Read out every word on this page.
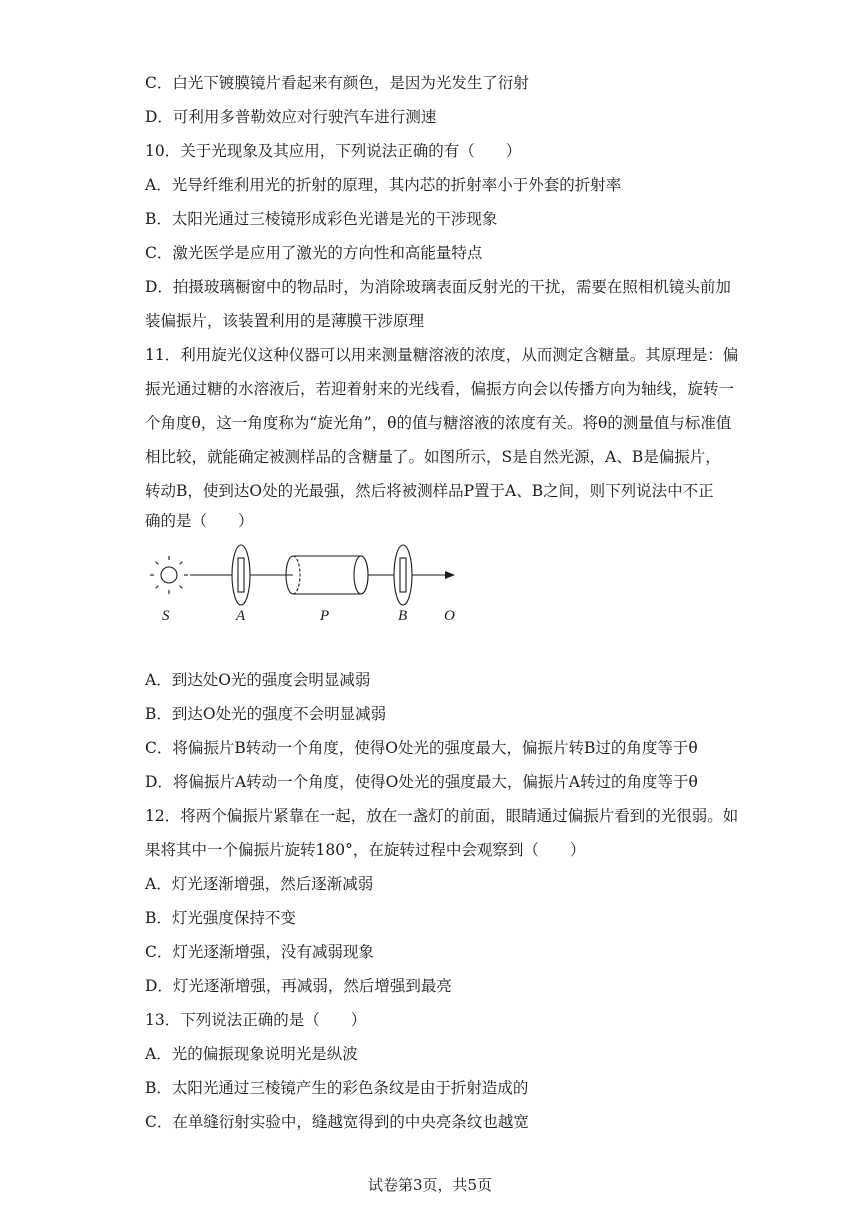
C．白光下镀膜镜片看起来有颜色，是因为光发生了衍射
D．可利用多普勒效应对行驶汽车进行测速
10．关于光现象及其应用，下列说法正确的有（　　）
A．光导纤维利用光的折射的原理，其内芯的折射率小于外套的折射率
B．太阳光通过三棱镜形成彩色光谱是光的干涉现象
C．激光医学是应用了激光的方向性和高能量特点
D．拍摄玻璃橱窗中的物品时，为消除玻璃表面反射光的干扰，需要在照相机镜头前加
装偏振片，该装置利用的是薄膜干涉原理
11．利用旋光仪这种仪器可以用来测量糖溶液的浓度，从而测定含糖量。其原理是：偏
振光通过糖的水溶液后，若迎着射来的光线看，偏振方向会以传播方向为轴线，旋转一
个角度θ，这一角度称为“旋光角”，θ的值与糖溶液的浓度有关。将θ的测量值与标准值
相比较，就能确定被测样品的含糖量了。如图所示，S是自然光源，A、B是偏振片，
转动B，使到达O处的光最强，然后将被测样品P置于A、B之间，则下列说法中不正
确的是（　　）
S	A	P	B O
A．到达处O光的强度会明显减弱
B．到达O处光的强度不会明显减弱
C．将偏振片B转动一个角度，使得O处光的强度最大，偏振片转B过的角度等于θ
D．将偏振片A转动一个角度，使得O处光的强度最大，偏振片A转过的角度等于θ
12．将两个偏振片紧靠在一起，放在一盏灯的前面，眼睛通过偏振片看到的光很弱。如
果将其中一个偏振片旋转180°，在旋转过程中会观察到（　　）
A．灯光逐渐增强，然后逐渐减弱
B．灯光强度保持不变
C．灯光逐渐增强，没有减弱现象
D．灯光逐渐增强，再减弱，然后增强到最亮
13．下列说法正确的是（　　）
A．光的偏振现象说明光是纵波
B．太阳光通过三棱镜产生的彩色条纹是由于折射造成的
C．在单缝衍射实验中，缝越宽得到的中央亮条纹也越宽
试卷第3页，共5页
